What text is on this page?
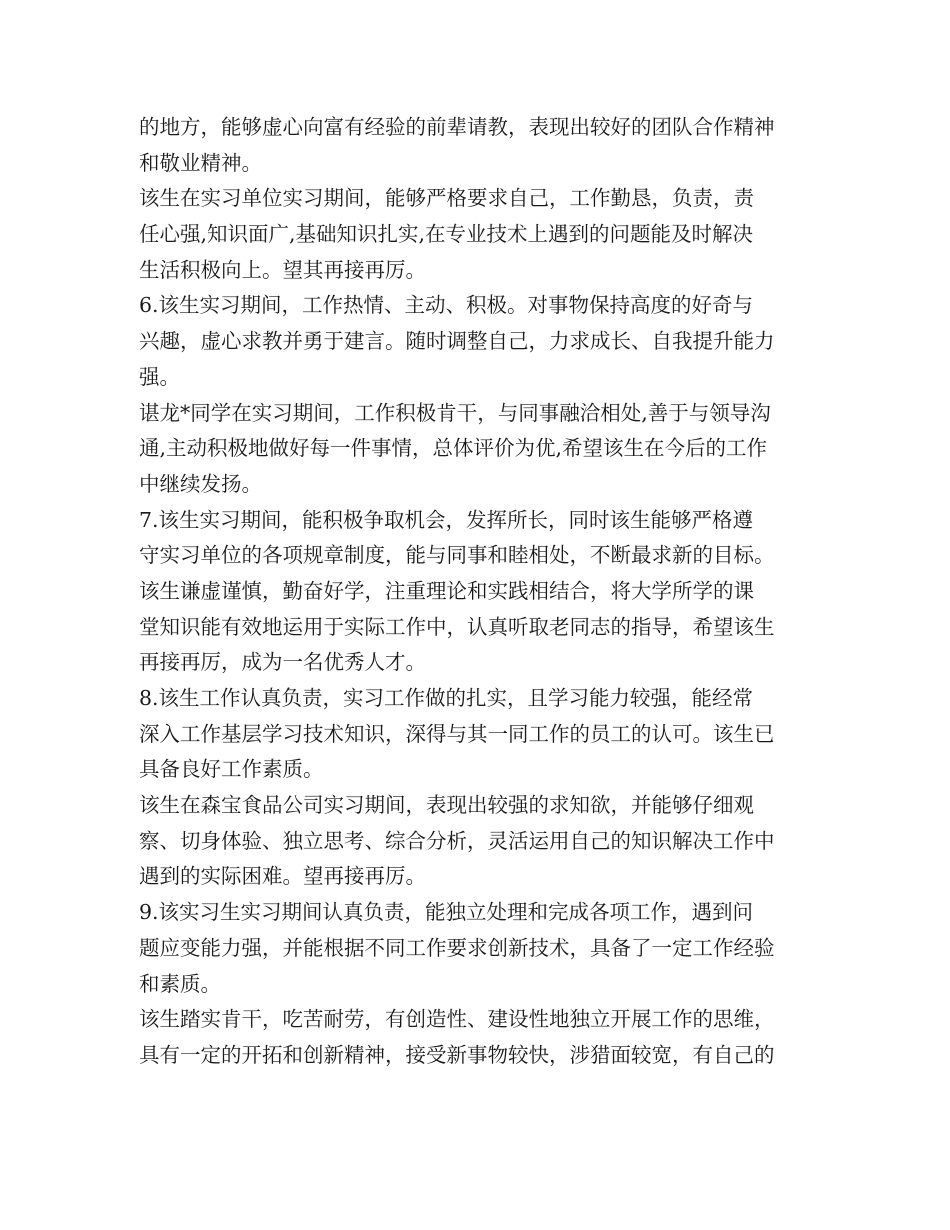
的地方，能够虚心向富有经验的前辈请教，表现出较好的团队合作精神
和敬业精神。
该生在实习单位实习期间，能够严格要求自己，工作勤恳，负责，责
任心强,知识面广,基础知识扎实,在专业技术上遇到的问题能及时解决
生活积极向上。望其再接再厉。
6.该生实习期间，工作热情、主动、积极。对事物保持高度的好奇与
兴趣，虚心求教并勇于建言。随时调整自己，力求成长、自我提升能力
强。
谌龙*同学在实习期间，工作积极肯干，与同事融洽相处,善于与领导沟
通,主动积极地做好每一件事情，总体评价为优,希望该生在今后的工作
中继续发扬。
7.该生实习期间，能积极争取机会，发挥所长，同时该生能够严格遵
守实习单位的各项规章制度，能与同事和睦相处，不断最求新的目标。
该生谦虚谨慎，勤奋好学，注重理论和实践相结合，将大学所学的课
堂知识能有效地运用于实际工作中，认真听取老同志的指导，希望该生
再接再厉，成为一名优秀人才。
8.该生工作认真负责，实习工作做的扎实，且学习能力较强，能经常
深入工作基层学习技术知识，深得与其一同工作的员工的认可。该生已
具备良好工作素质。
该生在森宝食品公司实习期间，表现出较强的求知欲，并能够仔细观
察、切身体验、独立思考、综合分析，灵活运用自己的知识解决工作中
遇到的实际困难。望再接再厉。
9.该实习生实习期间认真负责，能独立处理和完成各项工作，遇到问
题应变能力强，并能根据不同工作要求创新技术，具备了一定工作经验
和素质。
该生踏实肯干，吃苦耐劳，有创造性、建设性地独立开展工作的思维，
具有一定的开拓和创新精神，接受新事物较快，涉猎面较宽，有自己的
